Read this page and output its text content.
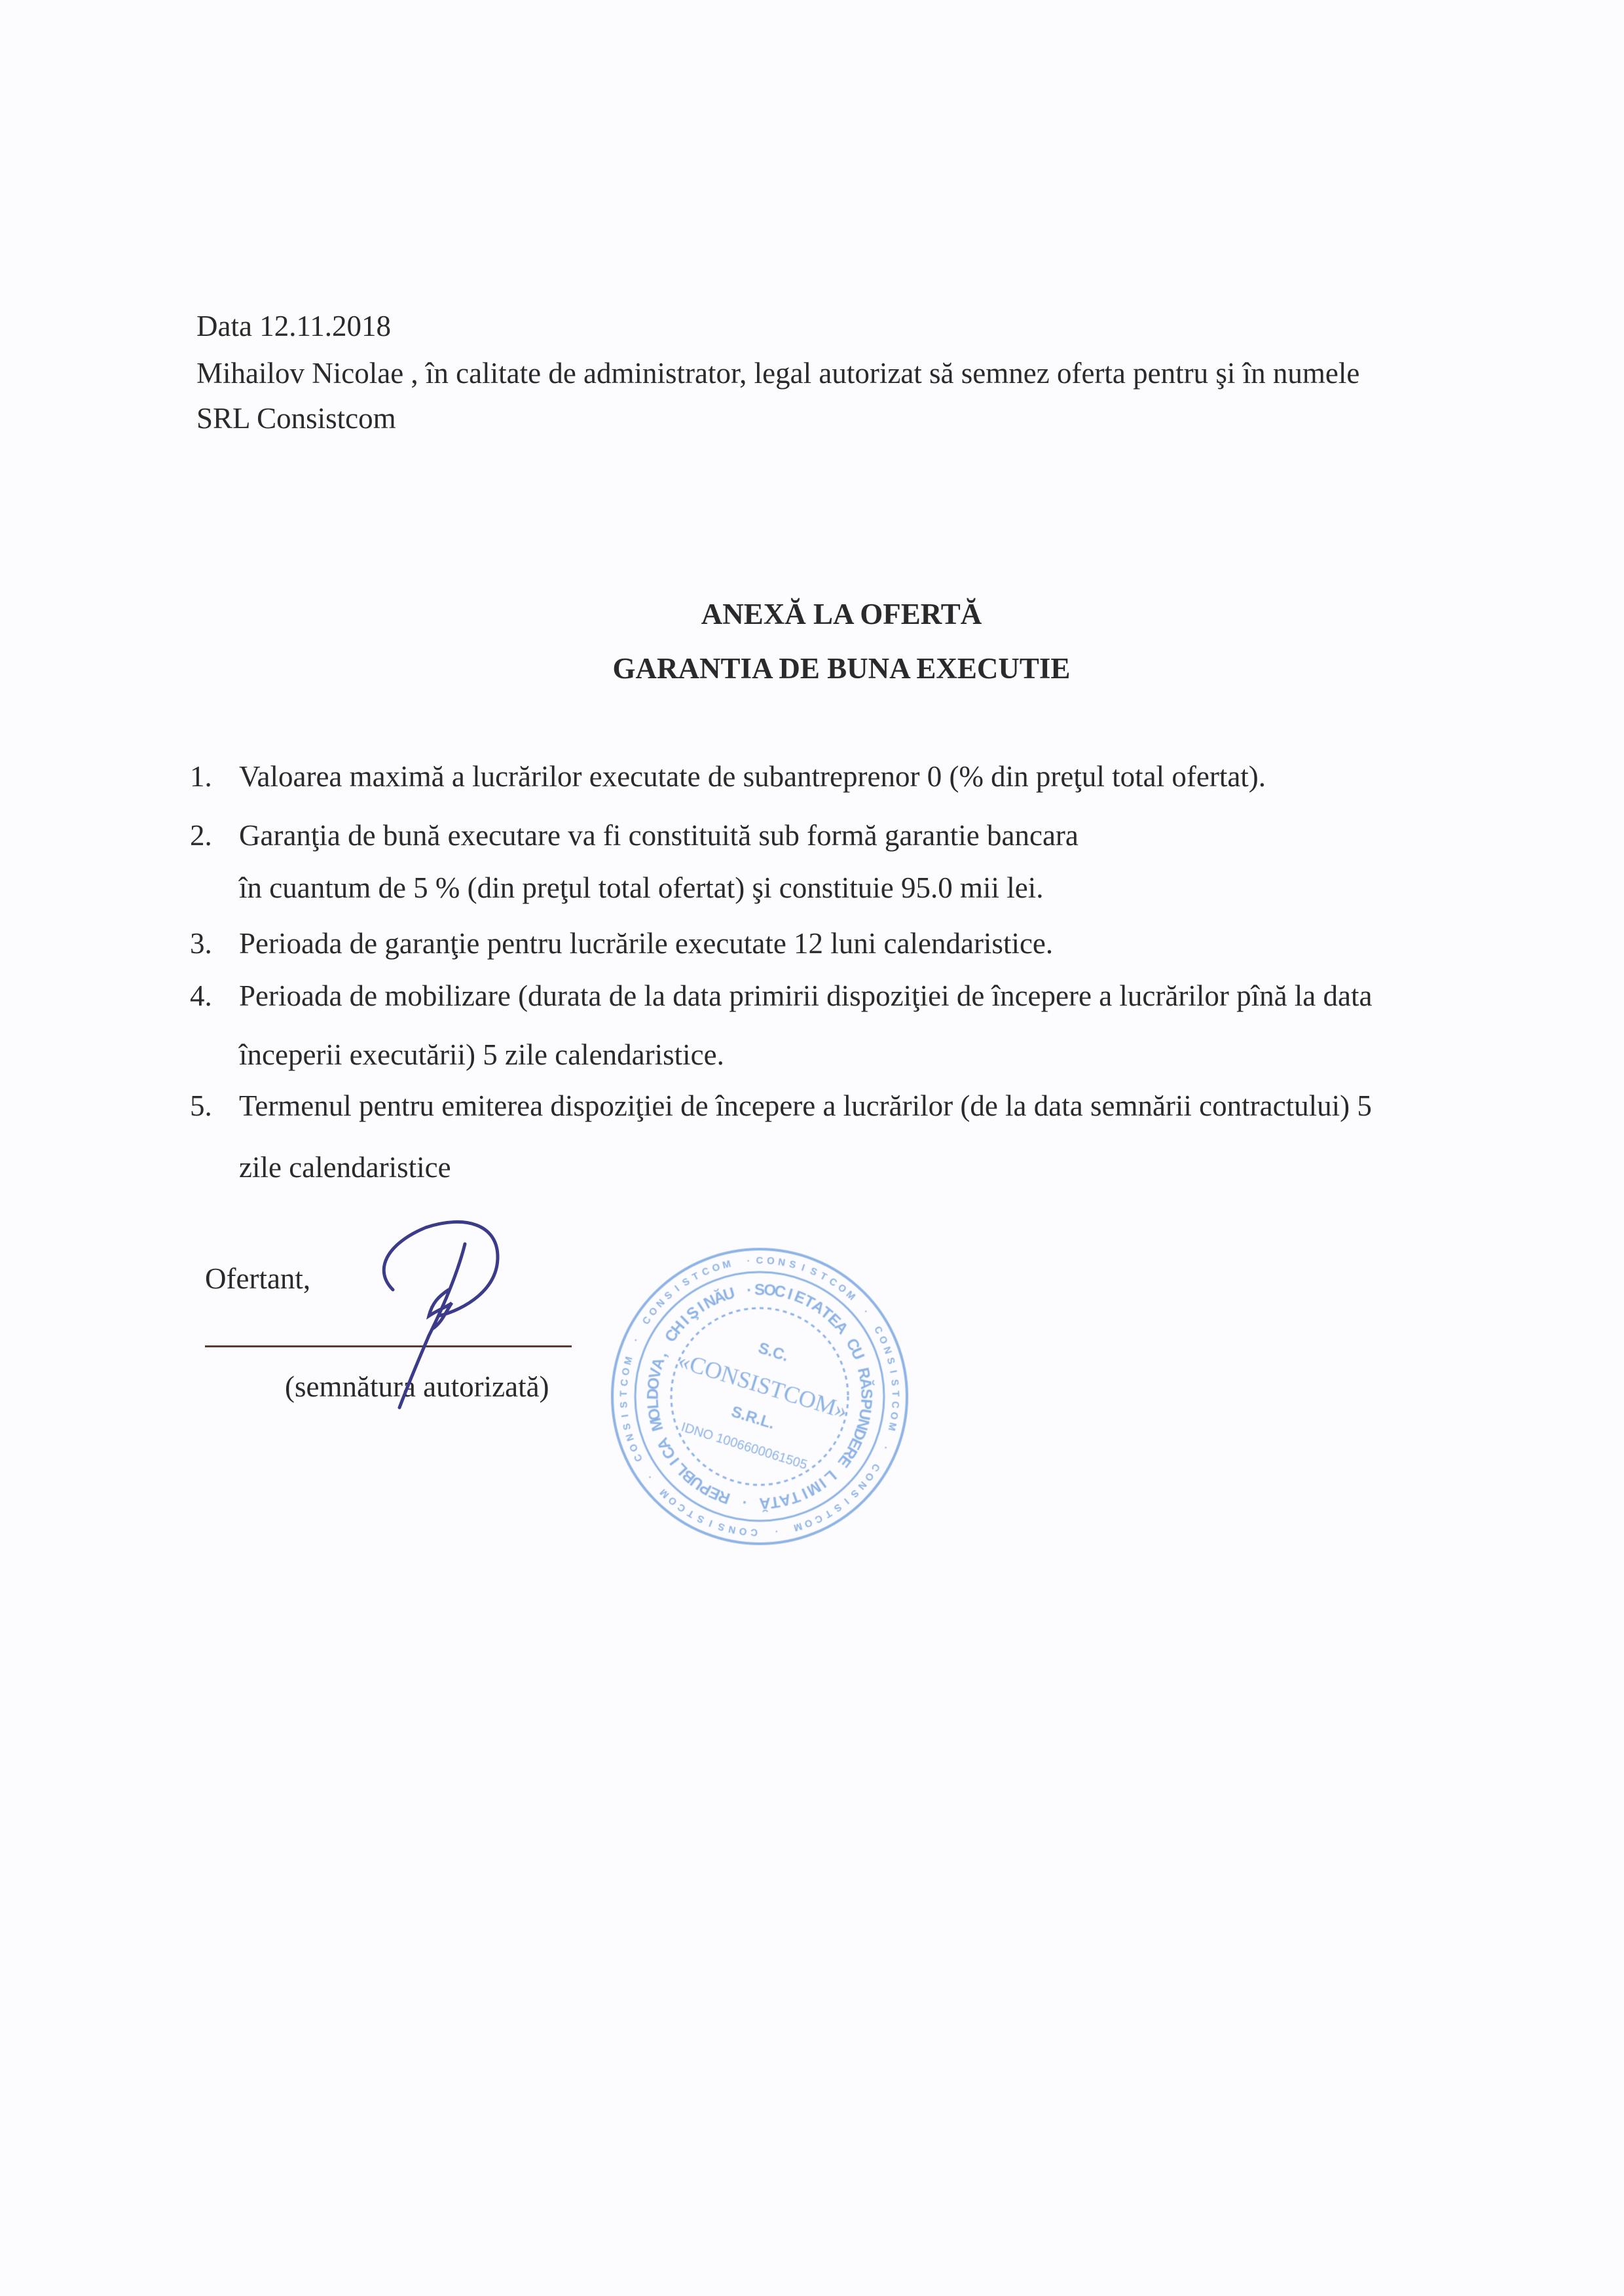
Data 12.11.2018
Mihailov Nicolae , în calitate de administrator, legal autorizat să semnez oferta pentru şi în numele
SRL Consistcom
ANEXĂ LA OFERTĂ
GARANTIA DE BUNA EXECUTIE
1. Valoarea maximă a lucrărilor executate de subantreprenor 0 (% din preţul total ofertat).
2. Garanţia de bună executare va fi constituită sub formă garantie bancara
în cuantum de 5 % (din preţul total ofertat) şi constituie 95.0 mii lei.
3. Perioada de garanţie pentru lucrările executate 12 luni calendaristice.
4. Perioada de mobilizare (durata de la data primirii dispoziţiei de începere a lucrărilor pînă la data
începerii executării) 5 zile calendaristice.
5. Termenul pentru emiterea dispoziţiei de începere a lucrărilor (de la data semnării contractului) 5
zile calendaristice
Ofertant,
(semnătura autorizată)
